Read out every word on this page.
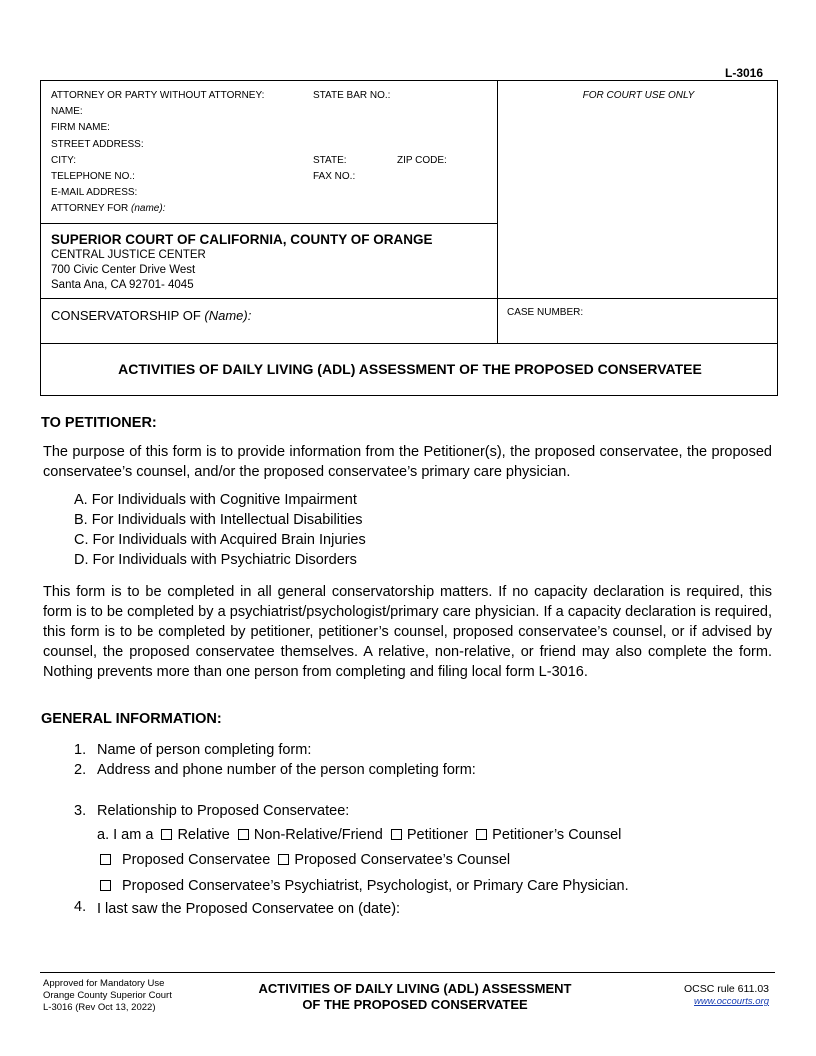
L-3016
ATTORNEY OR PARTY WITHOUT ATTORNEY:	STATE BAR NO.:
NAME:
FIRM NAME:
STREET ADDRESS:
CITY:	STATE:	ZIP CODE:
TELEPHONE NO.:	FAX NO.:
E-MAIL ADDRESS:
ATTORNEY FOR (name):
FOR COURT USE ONLY
SUPERIOR COURT OF CALIFORNIA, COUNTY OF ORANGE
CENTRAL JUSTICE CENTER
700 Civic Center Drive West
Santa Ana, CA 92701- 4045
CONSERVATORSHIP OF (Name):	CASE NUMBER:
ACTIVITIES OF DAILY LIVING (ADL) ASSESSMENT OF THE PROPOSED CONSERVATEE
TO PETITIONER:
The purpose of this form is to provide information from the Petitioner(s), the proposed conservatee, the proposed conservatee’s counsel, and/or the proposed conservatee’s primary care physician.
A. For Individuals with Cognitive Impairment
B. For Individuals with Intellectual Disabilities
C. For Individuals with Acquired Brain Injuries
D. For Individuals with Psychiatric Disorders
This form is to be completed in all general conservatorship matters. If no capacity declaration is required, this form is to be completed by a psychiatrist/psychologist/primary care physician. If a capacity declaration is required, this form is to be completed by petitioner, petitioner’s counsel, proposed conservatee’s counsel, or if advised by counsel, the proposed conservatee themselves. A relative, non-relative, or friend may also complete the form. Nothing prevents more than one person from completing and filing local form L-3016.
GENERAL INFORMATION:
1. Name of person completing form:
2. Address and phone number of the person completing form:
3. Relationship to Proposed Conservatee:
a. I am a Relative Non-Relative/Friend Petitioner Petitioner’s Counsel
Proposed Conservatee Proposed Conservatee’s Counsel
Proposed Conservatee’s Psychiatrist, Psychologist, or Primary Care Physician.
4. I last saw the Proposed Conservatee on (date):
Approved for Mandatory Use
Orange County Superior Court
L-3016 (Rev Oct 13, 2022)
ACTIVITIES OF DAILY LIVING (ADL) ASSESSMENT
OF THE PROPOSED CONSERVATEE
OCSC rule 611.03
www.occourts.org
